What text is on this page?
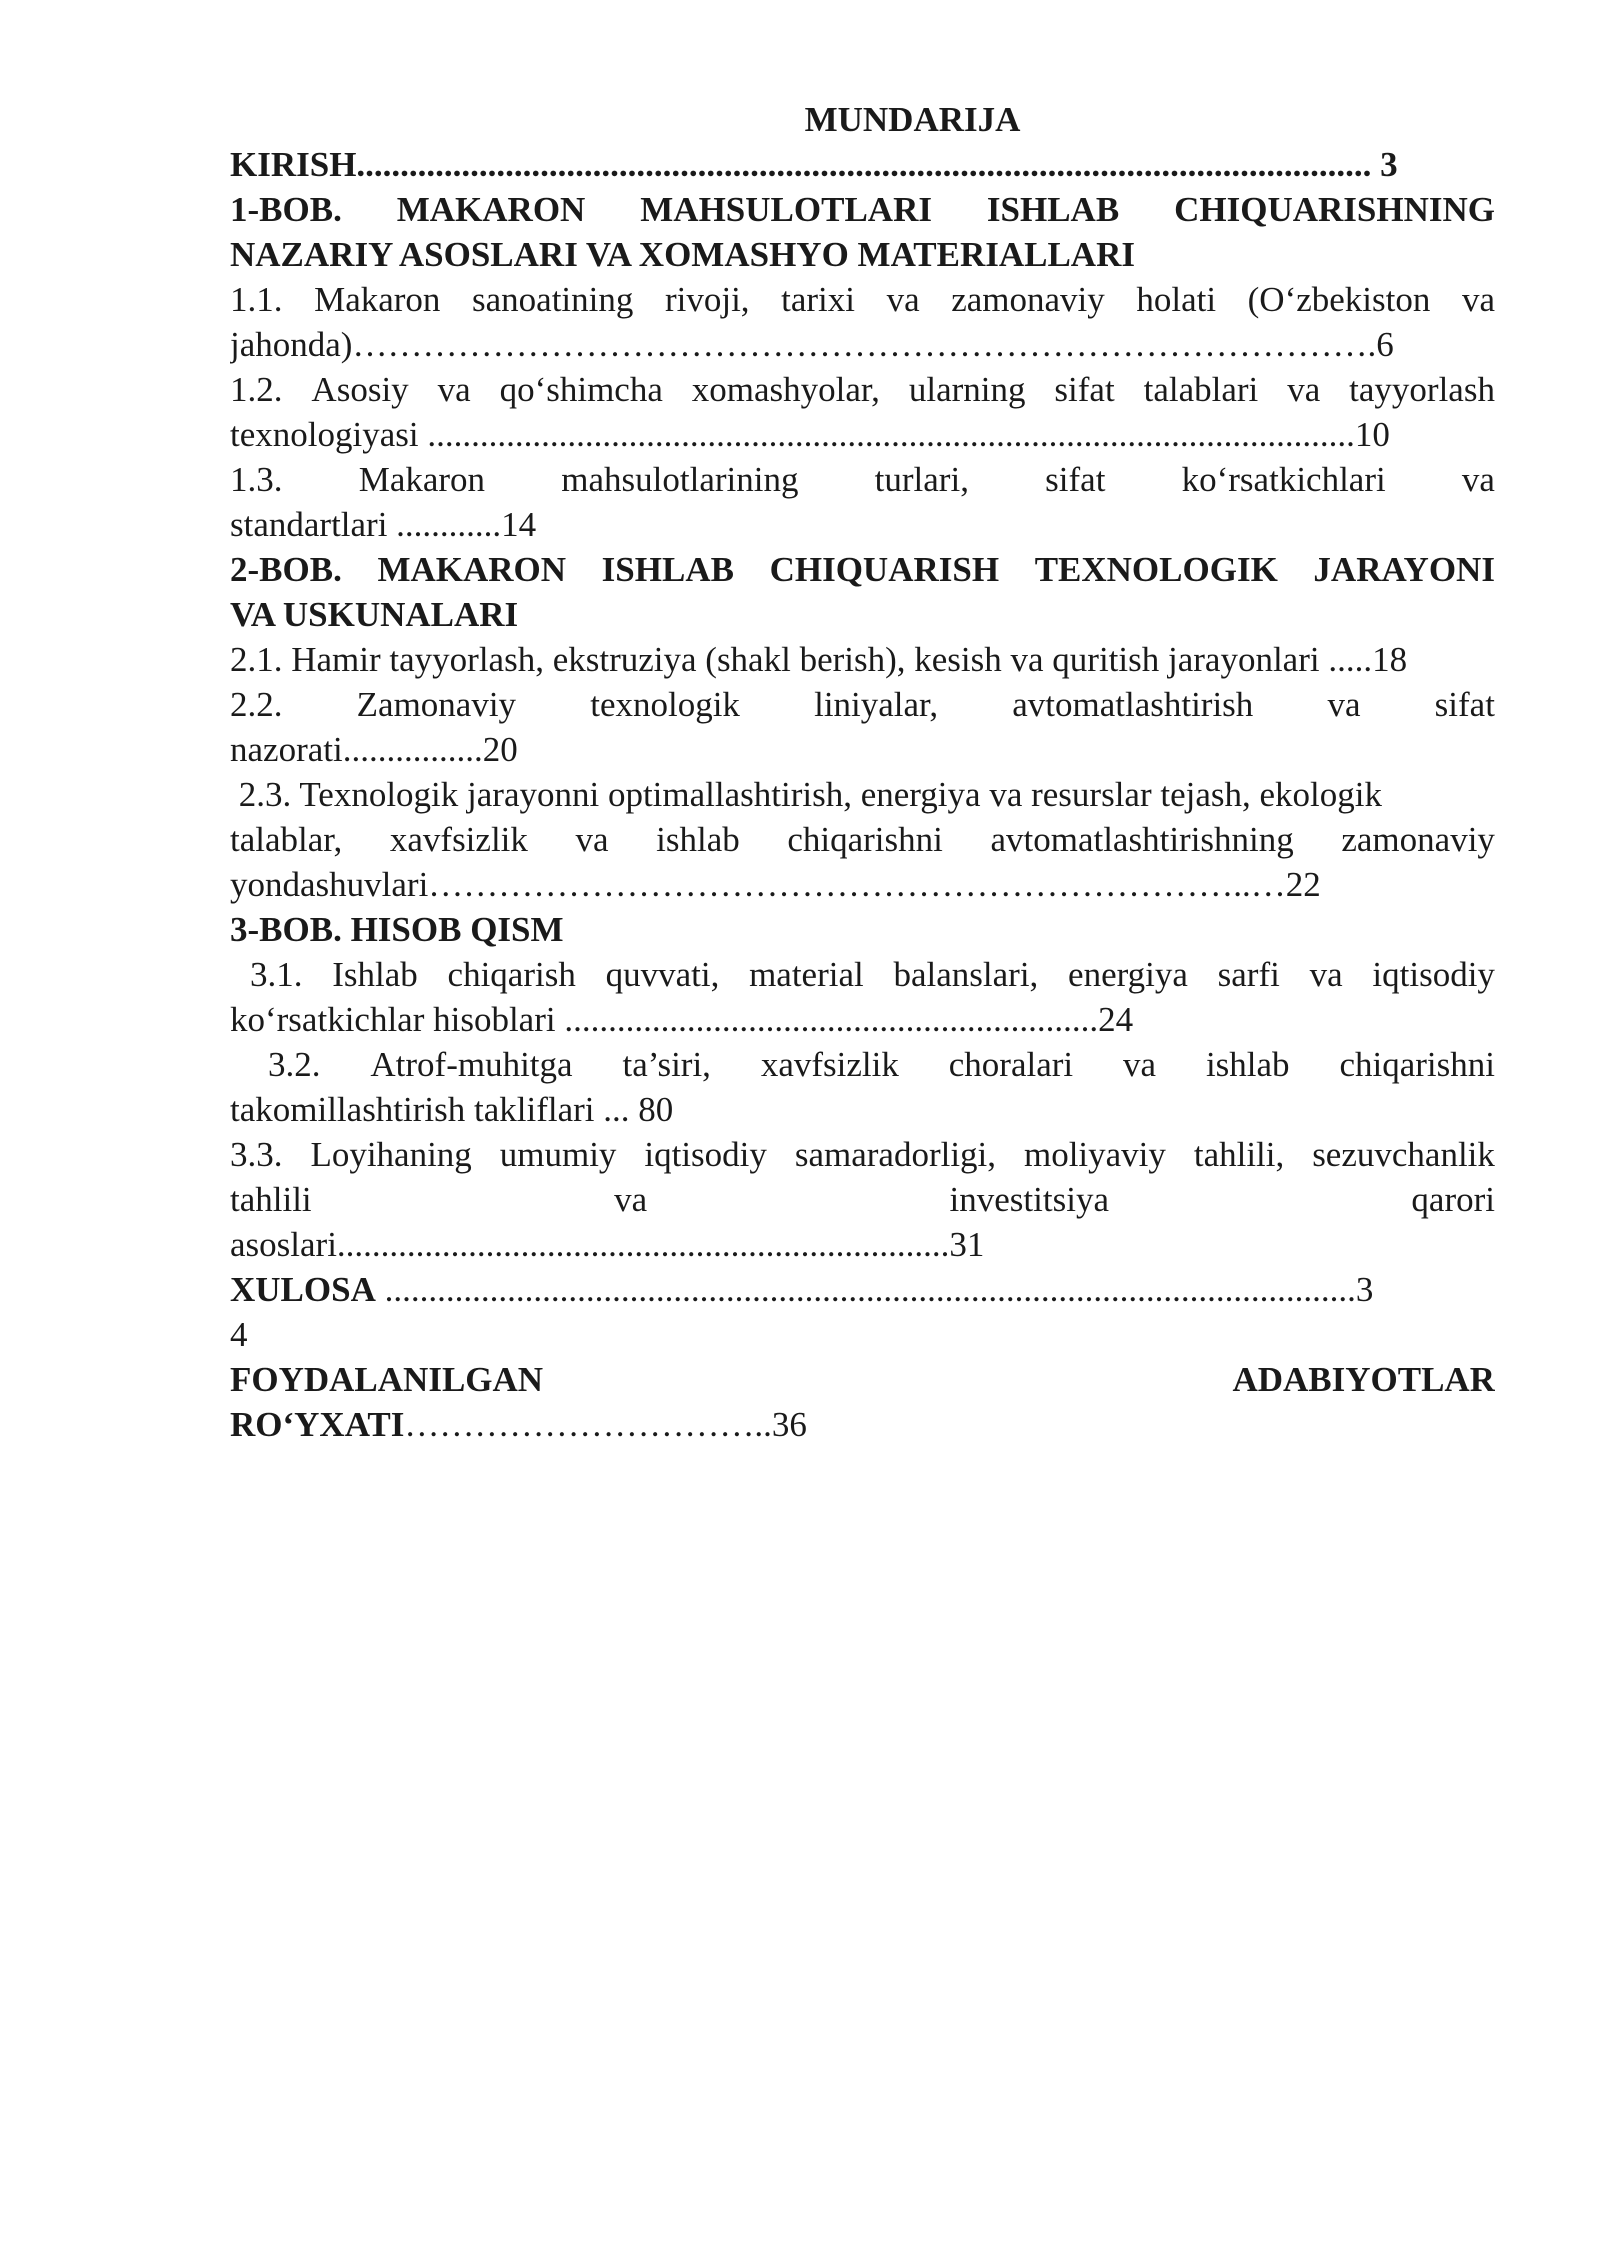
MUNDARIJA
KIRISH.................................................................................................................... 3
1-BOB. MAKARON MAHSULOTLARI ISHLAB CHIQUARISHNING
NAZARIY ASOSLARI VA XOMASHYO MATERIALLARI
1.1. Makaron sanoatining rivoji, tarixi va zamonaviy holati (O‘zbekiston va
jahonda)…………………………………………………………………………….6
1.2. Asosiy va qo‘shimcha xomashyolar, ularning sifat talablari va tayyorlash
texnologiyasi ..........................................................................................................10
1.3. Makaron mahsulotlarining turlari, sifat ko‘rsatkichlari va
standartlari ............14
2-BOB. MAKARON ISHLAB CHIQUARISH TEXNOLOGIK JARAYONI
VA USKUNALARI
2.1. Hamir tayyorlash, ekstruziya (shakl berish), kesish va quritish jarayonlari .....18
2.2. Zamonaviy texnologik liniyalar, avtomatlashtirish va sifat
nazorati................20
2.3. Texnologik jarayonni optimallashtirish, energiya va resurslar tejash, ekologik
talablar, xavfsizlik va ishlab chiqarishni avtomatlashtirishning zamonaviy
yondashuvlari……………………………………………………………..…22
3-BOB. HISOB QISM
3.1. Ishlab chiqarish quvvati, material balanslari, energiya sarfi va iqtisodiy
ko‘rsatkichlar hisoblari .............................................................24
3.2. Atrof-muhitga ta’siri, xavfsizlik choralari va ishlab chiqarishni
takomillashtirish takliflari ... 80
3.3. Loyihaning umumiy iqtisodiy samaradorligi, moliyaviy tahlili, sezuvchanlik
tahlili	va	investitsiya	qarori
asoslari......................................................................31
XULOSA ...............................................................................................................3
4
FOYDALANILGAN	ADABIYOTLAR
RO‘YXATI…………………………..36
